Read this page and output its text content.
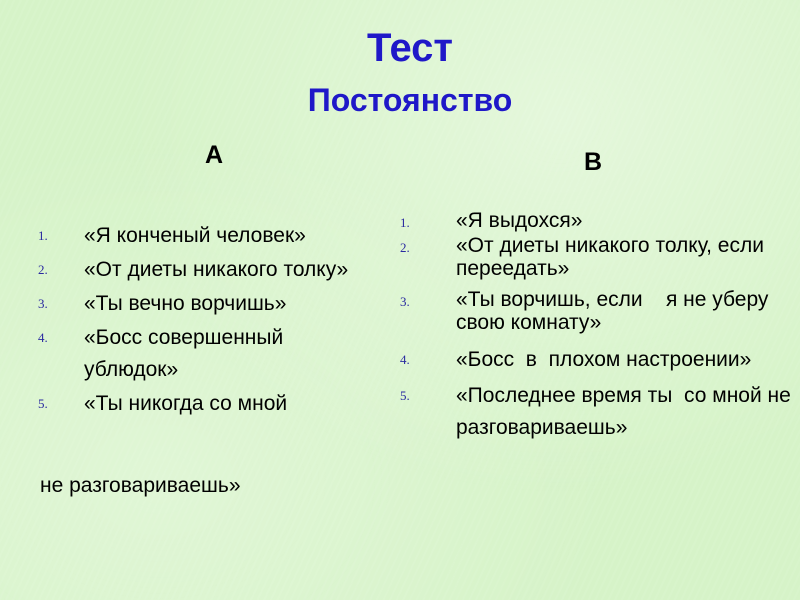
Тест
Постоянство
А	В
1. «Я конченый человек»
2. «От диеты никакого толку»
3. «Ты вечно ворчишь»
4. «Босс совершенный ублюдок»
5. «Ты никогда со мной
не разговариваешь»
1. «Я выдохся»
2. «От диеты никакого толку, если переедать»
3. «Ты ворчишь, если    я не уберу свою комнату»
4. «Босс  в  плохом настроении»
5. «Последнее время ты  со мной не разговариваешь»
